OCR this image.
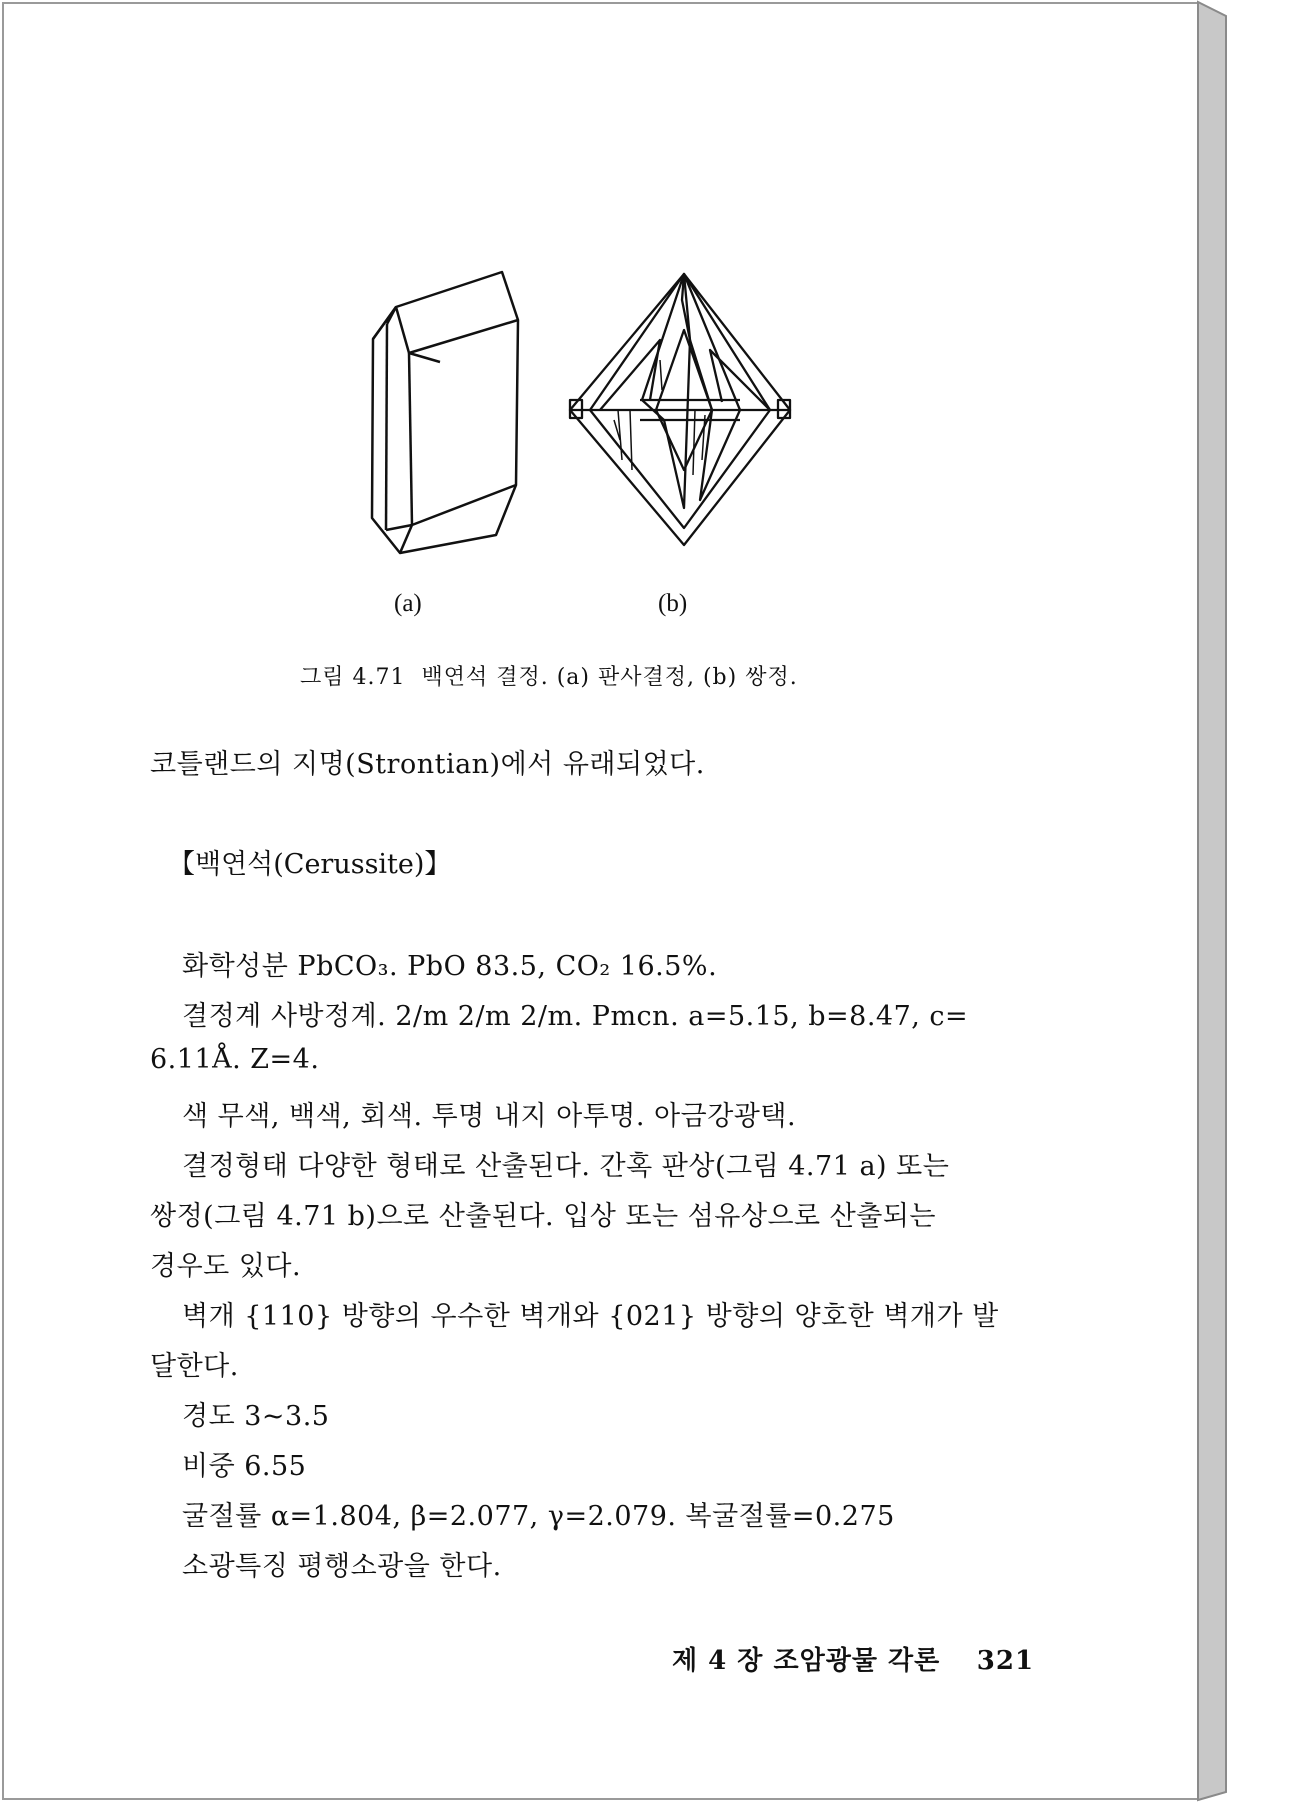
(a)	(b)
그림 4.71  백연석 결정. (a) 판사결정, (b) 쌍정.
코틀랜드의 지명(Strontian)에서 유래되었다.
【백연석(Cerussite)】
화학성분 PbCO₃. PbO 83.5, CO₂ 16.5%.
결정계 사방정계. 2/m 2/m 2/m. Pmcn. a=5.15, b=8.47, c=
6.11Å. Z=4.
색 무색, 백색, 회색. 투명 내지 아투명. 아금강광택.
결정형태 다양한 형태로 산출된다. 간혹 판상(그림 4.71 a) 또는
쌍정(그림 4.71 b)으로 산출된다. 입상 또는 섬유상으로 산출되는
경우도 있다.
벽개 {110} 방향의 우수한 벽개와 {021} 방향의 양호한 벽개가 발
달한다.
경도 3~3.5
비중 6.55
굴절률 α=1.804, β=2.077, γ=2.079. 복굴절률=0.275
소광특징 평행소광을 한다.
제 4 장 조암광물 각론 321
